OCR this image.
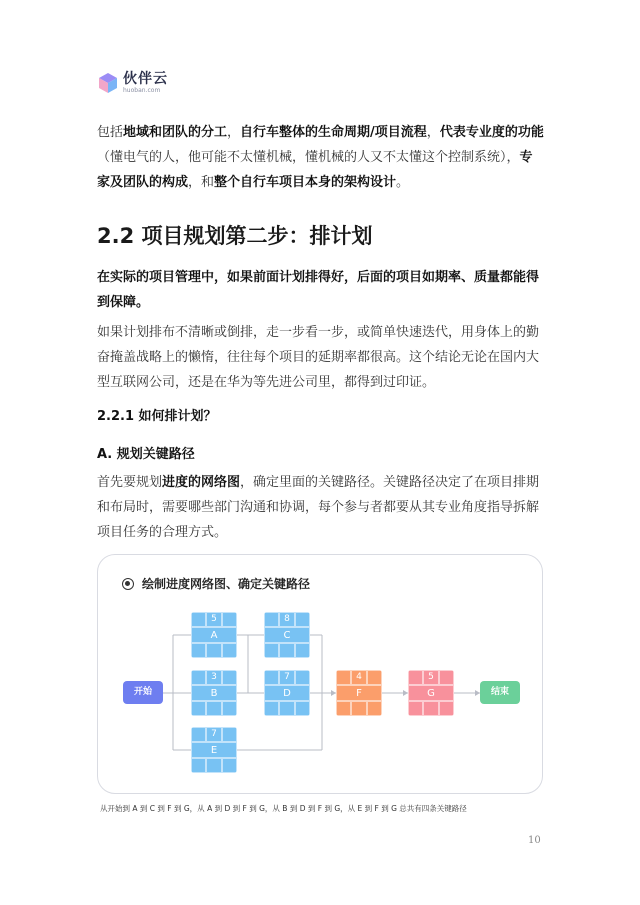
伙伴云
huoban.com

包括地域和团队的分工，自行车整体的生命周期/项目流程，代表专业度的功能（懂电气的人，他可能不太懂机械，懂机械的人又不太懂这个控制系统），专家及团队的构成，和整个自行车项目本身的架构设计。

2.2 项目规划第二步：排计划

在实际的项目管理中，如果前面计划排得好，后面的项目如期率、质量都能得到保障。

如果计划排布不清晰或倒排，走一步看一步，或简单快速迭代，用身体上的勤奋掩盖战略上的懒惰，往往每个项目的延期率都很高。这个结论无论在国内大型互联网公司，还是在华为等先进公司里，都得到过印证。

2.2.1 如何排计划？
A. 规划关键路径

首先要规划进度的网络图，确定里面的关键路径。关键路径决定了在项目排期和布局时，需要哪些部门沟通和协调，每个参与者都要从其专业角度指导拆解项目任务的合理方式。

绘制进度网络图、确定关键路径
开始
5
A
3
B
8
C
7
D
7
E
4
F
5
G	结束

从开始到 A 到 C 到 F 到 G，从 A 到 D 到 F 到 G，从 B 到 D 到 F 到 G，从 E 到 F 到 G 总共有四条关键路径

10
